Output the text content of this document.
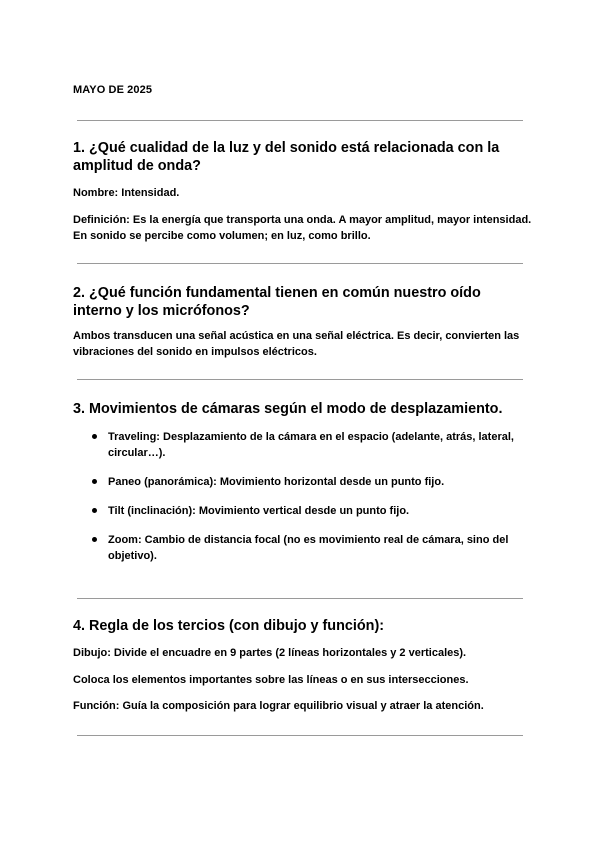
MAYO DE 2025
1. ¿Qué cualidad de la luz y del sonido está relacionada con la amplitud de onda?
Nombre: Intensidad.
Definición: Es la energía que transporta una onda. A mayor amplitud, mayor intensidad. En sonido se percibe como volumen; en luz, como brillo.
2. ¿Qué función fundamental tienen en común nuestro oído interno y los micrófonos?
Ambos transducen una señal acústica en una señal eléctrica. Es decir, convierten las vibraciones del sonido en impulsos eléctricos.
3. Movimientos de cámaras según el modo de desplazamiento.
Traveling: Desplazamiento de la cámara en el espacio (adelante, atrás, lateral, circular…).
Paneo (panorámica): Movimiento horizontal desde un punto fijo.
Tilt (inclinación): Movimiento vertical desde un punto fijo.
Zoom: Cambio de distancia focal (no es movimiento real de cámara, sino del objetivo).
4. Regla de los tercios (con dibujo y función):
Dibujo: Divide el encuadre en 9 partes (2 líneas horizontales y 2 verticales).
Coloca los elementos importantes sobre las líneas o en sus intersecciones.
Función: Guía la composición para lograr equilibrio visual y atraer la atención.
